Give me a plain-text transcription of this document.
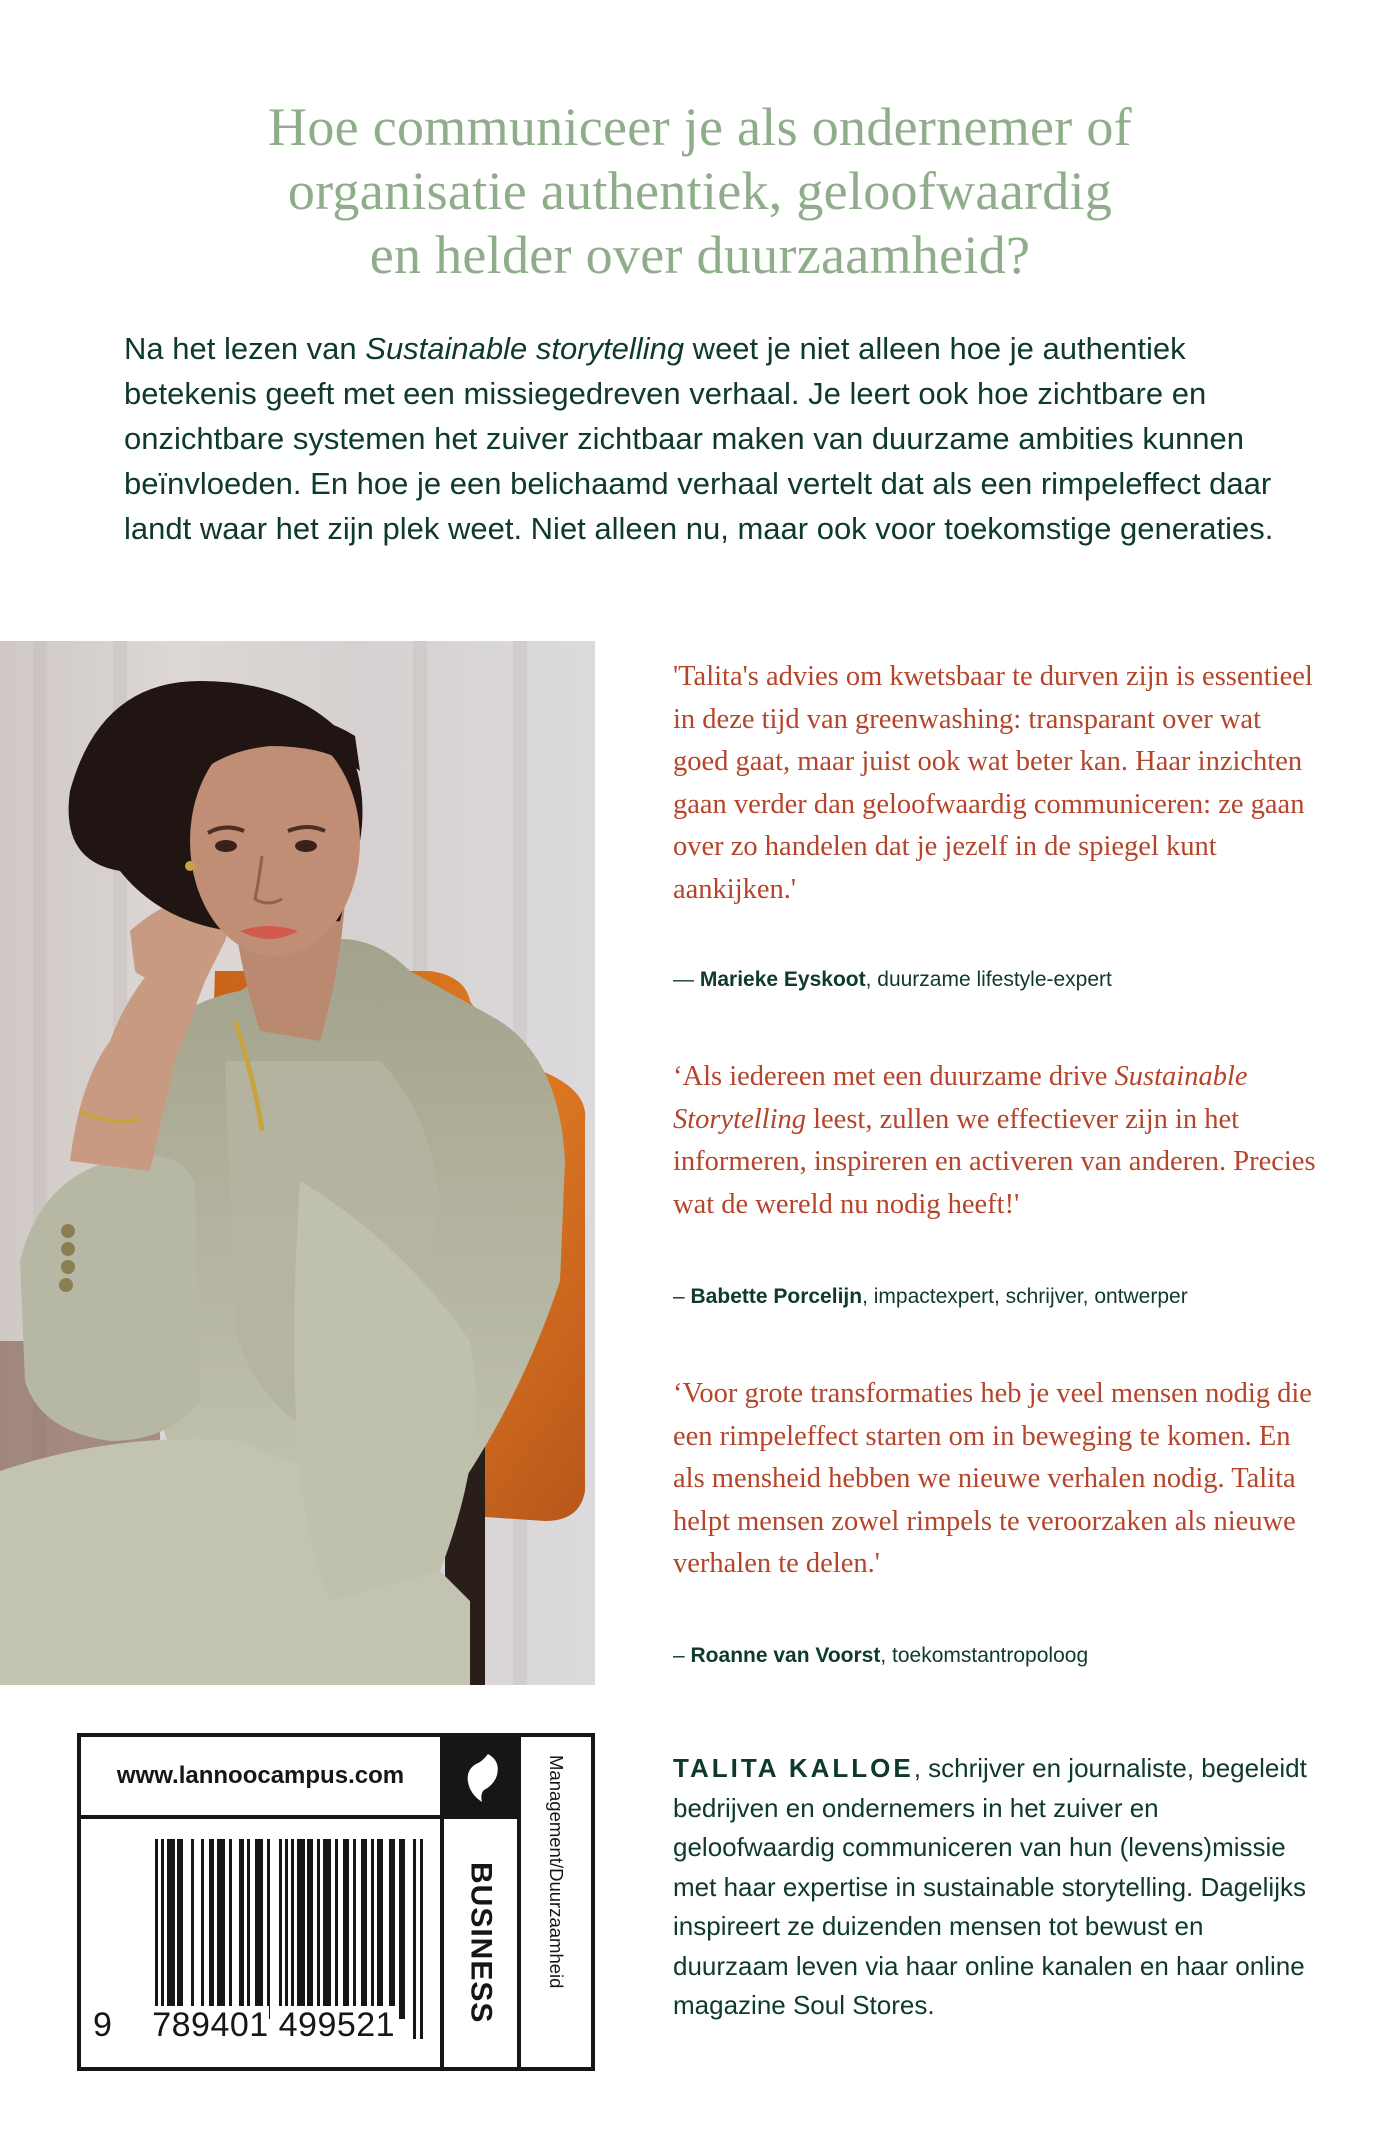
Hoe communiceer je als ondernemer of
organisatie authentiek, geloofwaardig
en helder over duurzaamheid?
Na het lezen van Sustainable storytelling weet je niet alleen hoe je authentiek betekenis geeft met een missiegedreven verhaal. Je leert ook hoe zichtbare en onzichtbare systemen het zuiver zichtbaar maken van duurzame ambities kunnen beïnvloeden. En hoe je een belichaamd verhaal vertelt dat als een rimpeleffect daar landt waar het zijn plek weet. Niet alleen nu, maar ook voor toekomstige generaties.
'Talita's advies om kwetsbaar te durven zijn is essentieel in deze tijd van greenwashing: transparant over wat goed gaat, maar juist ook wat beter kan. Haar inzichten gaan verder dan geloofwaardig communiceren: ze gaan over zo handelen dat je jezelf in de spiegel kunt aankijken.'
— Marieke Eyskoot, duurzame lifestyle-expert
‘Als iedereen met een duurzame drive Sustainable Storytelling leest, zullen we effectiever zijn in het informeren, inspireren en activeren van anderen. Precies wat de wereld nu nodig heeft!'
– Babette Porcelijn, impactexpert, schrijver, ontwerper
‘Voor grote transformaties heb je veel mensen nodig die een rimpeleffect starten om in beweging te komen. En als mensheid hebben we nieuwe verhalen nodig. Talita helpt mensen zowel rimpels te veroorzaken als nieuwe verhalen te delen.'
– Roanne van Voorst, toekomstantropoloog
TALITA KALLOE, schrijver en journaliste, begeleidt bedrijven en ondernemers in het zuiver en geloofwaardig communiceren van hun (levens)missie met haar expertise in sustainable storytelling. Dagelijks inspireert ze duizenden mensen tot bewust en duurzaam leven via haar online kanalen en haar online magazine Soul Stores.
www.lannoocampus.com
9 789401 499521
BUSINESS	Management/Duurzaamheid
